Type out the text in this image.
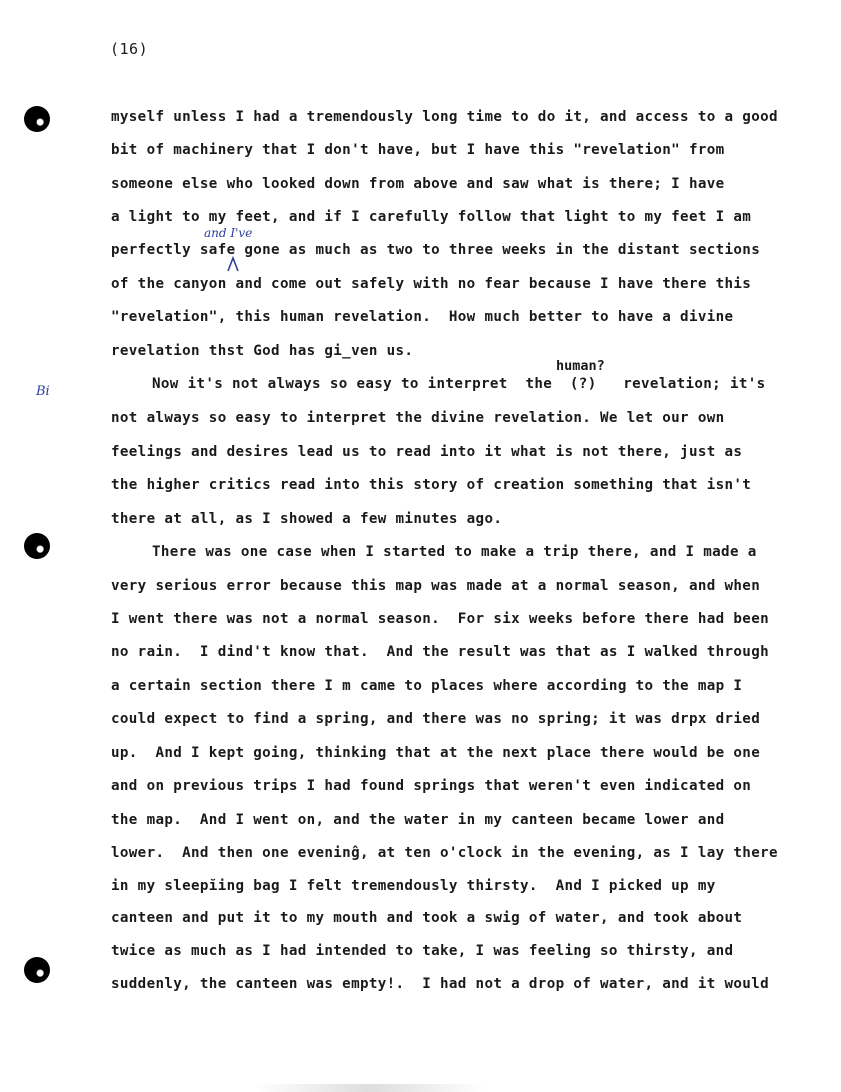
(16)
Bi
and I've
human?
myself unless I had a tremendously long time to do it, and access to a good
bit of machinery that I don't have, but I have this "revelation" from
someone else who looked down from above and saw what is there; I have
a light to my feet, and if I carefully follow that light to my feet I am
perfectly safe gone as much as two to three weeks in the distant sections
of the canyon and come out safely with no fear because I have there this
"revelation", this human revelation.  How much better to have a divine
revelation thst God has gi_ven us.
Now it's not always so easy to interpret  the  (?)   revelation; it's
not always so easy to interpret the divine revelation. We let our own
feelings and desires lead us to read into it what is not there, just as
the higher critics read into this story of creation something that isn't
there at all, as I showed a few minutes ago.
There was one case when I started to make a trip there, and I made a
very serious error because this map was made at a normal season, and when
I went there was not a normal season.  For six weeks before there had been
no rain.  I dind't know that.  And the result was that as I walked through
a certain section there I m came to places where according to the map I
could expect to find a spring, and there was no spring; it was drpx dried
up.  And I kept going, thinking that at the next place there would be one
and on previous trips I had found springs that weren't even indicated on
the map.  And I went on, and the water in my canteen became lower and
lower.  And then one eveninĝ, at ten o'clock in the evening, as I lay there
in my sleepĭing bag I felt tremendously thirsty.  And I picked up my
canteen and put it to my mouth and took a swig of water, and took about
twice as much as I had intended to take, I was feeling so thirsty, and
suddenly, the canteen was empty!.  I had not a drop of water, and it would
